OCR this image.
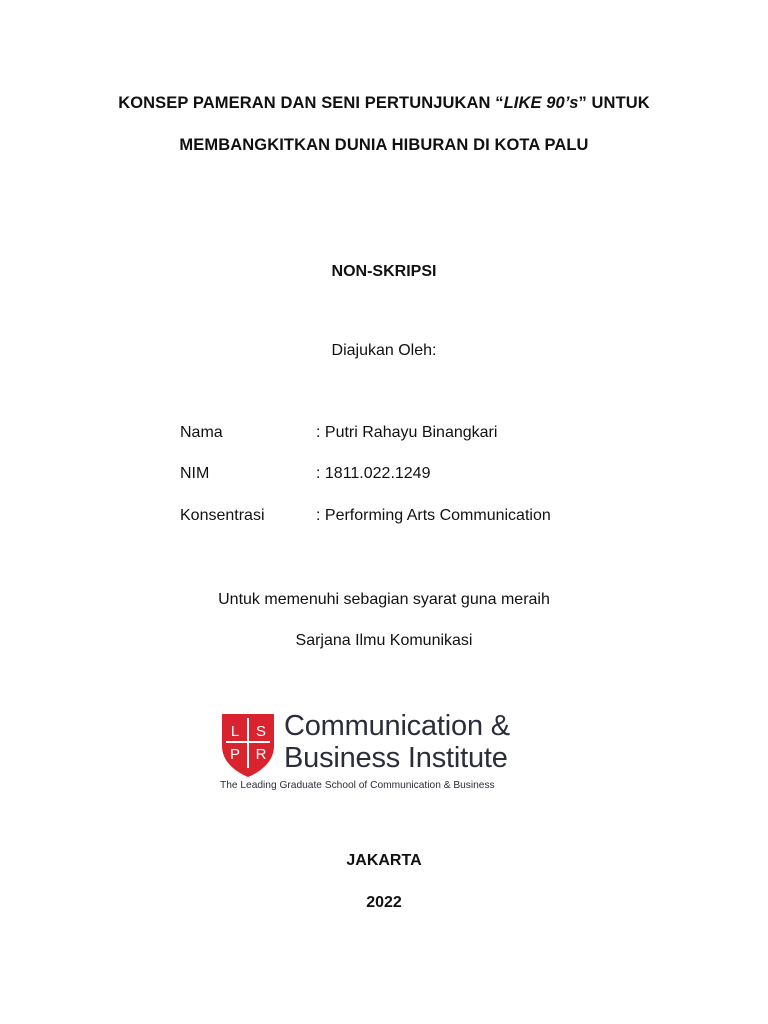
KONSEP PAMERAN DAN SENI PERTUNJUKAN “LIKE 90’s” UNTUK
MEMBANGKITKAN DUNIA HIBURAN DI KOTA PALU
NON-SKRIPSI
Diajukan Oleh:
Nama	: Putri Rahayu Binangkari
NIM	: 1811.022.1249
Konsentrasi	: Performing Arts Communication
Untuk memenuhi sebagian syarat guna meraih
Sarjana Ilmu Komunikasi
L S
P R
Communication &
Business Institute
The Leading Graduate School of Communication & Business
JAKARTA
2022
